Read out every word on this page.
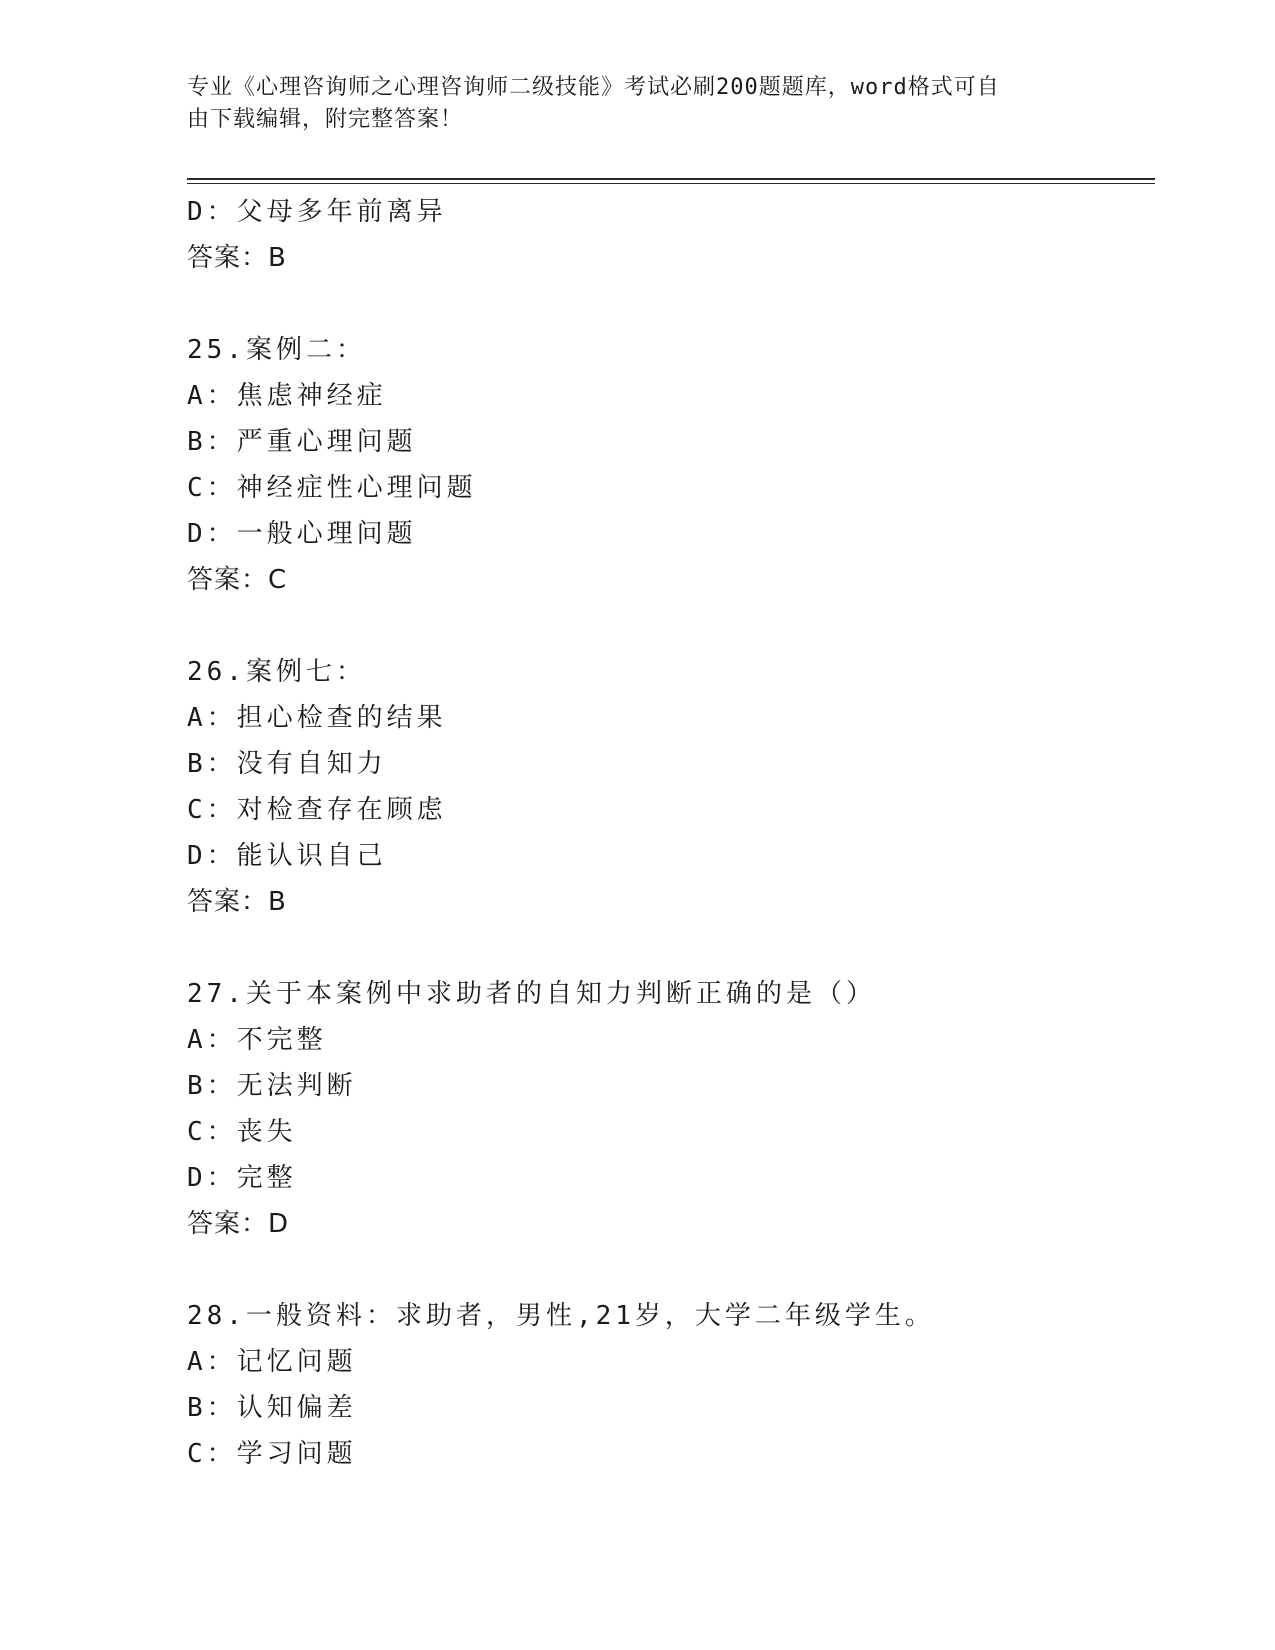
专业《心理咨询师之心理咨询师二级技能》考试必刷200题题库，word格式可自
由下载编辑，附完整答案！
D：父母多年前离异
答案：B
25.案例二：
A：焦虑神经症
B：严重心理问题
C：神经症性心理问题
D：一般心理问题
答案：C
26.案例七：
A：担心检查的结果
B：没有自知力
C：对检查存在顾虑
D：能认识自己
答案：B
27.关于本案例中求助者的自知力判断正确的是（）
A：不完整
B：无法判断
C：丧失
D：完整
答案：D
28.一般资料：求助者，男性,21岁，大学二年级学生。
A：记忆问题
B：认知偏差
C：学习问题
